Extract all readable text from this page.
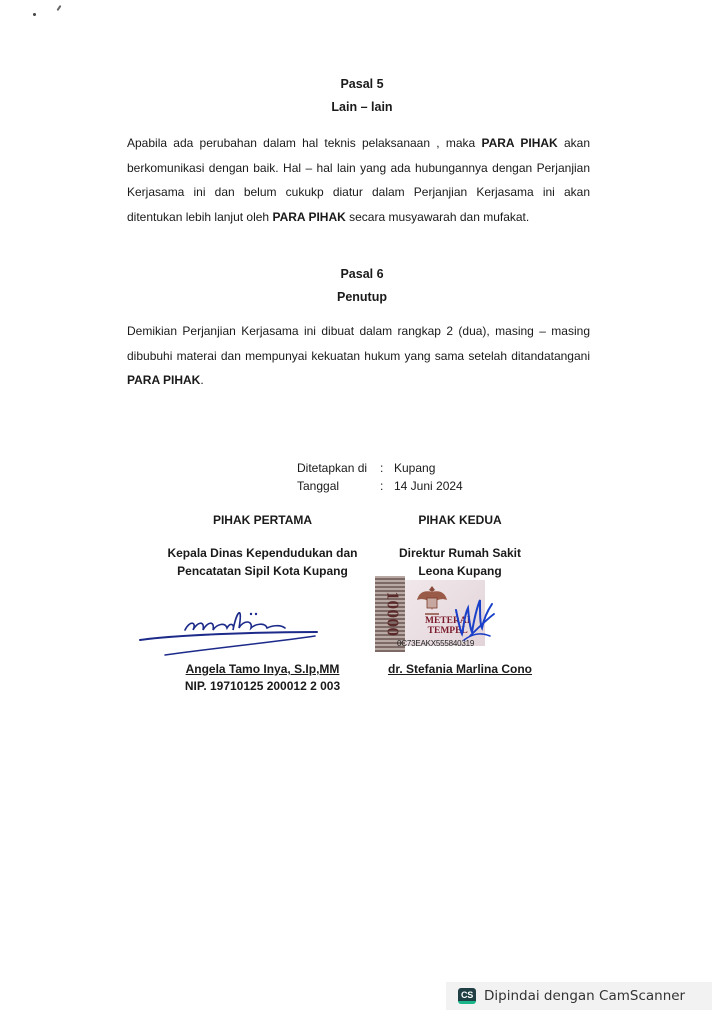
Pasal 5
Lain – lain

Apabila ada perubahan dalam hal teknis pelaksanaan , maka PARA PIHAK akan berkomunikasi dengan baik. Hal – hal lain yang ada hubungannya dengan Perjanjian Kerjasama ini dan belum cukukp diatur dalam Perjanjian Kerjasama ini akan ditentukan lebih lanjut oleh PARA PIHAK secara musyawarah dan mufakat.

Pasal 6
Penutup

Demikian Perjanjian Kerjasama ini dibuat dalam rangkap 2 (dua), masing – masing dibubuhi materai dan mempunyai kekuatan hukum yang sama setelah ditandatangani PARA PIHAK.

Ditetapkan di : Kupang
Tanggal	: 14 Juni 2024
PIHAK PERTAMA
Kepala Dinas Kependudukan dan
Pencatatan Sipil Kota Kupang
Angela Tamo Inya, S.Ip,MM
NIP. 19710125 200012 2 003
PIHAK KEDUA
Direktur Rumah Sakit
Leona Kupang
10000 METERAI
TEMPEL
0C73EAKX555840319
dr. Stefania Marlina Cono
CS Dipindai dengan CamScanner
